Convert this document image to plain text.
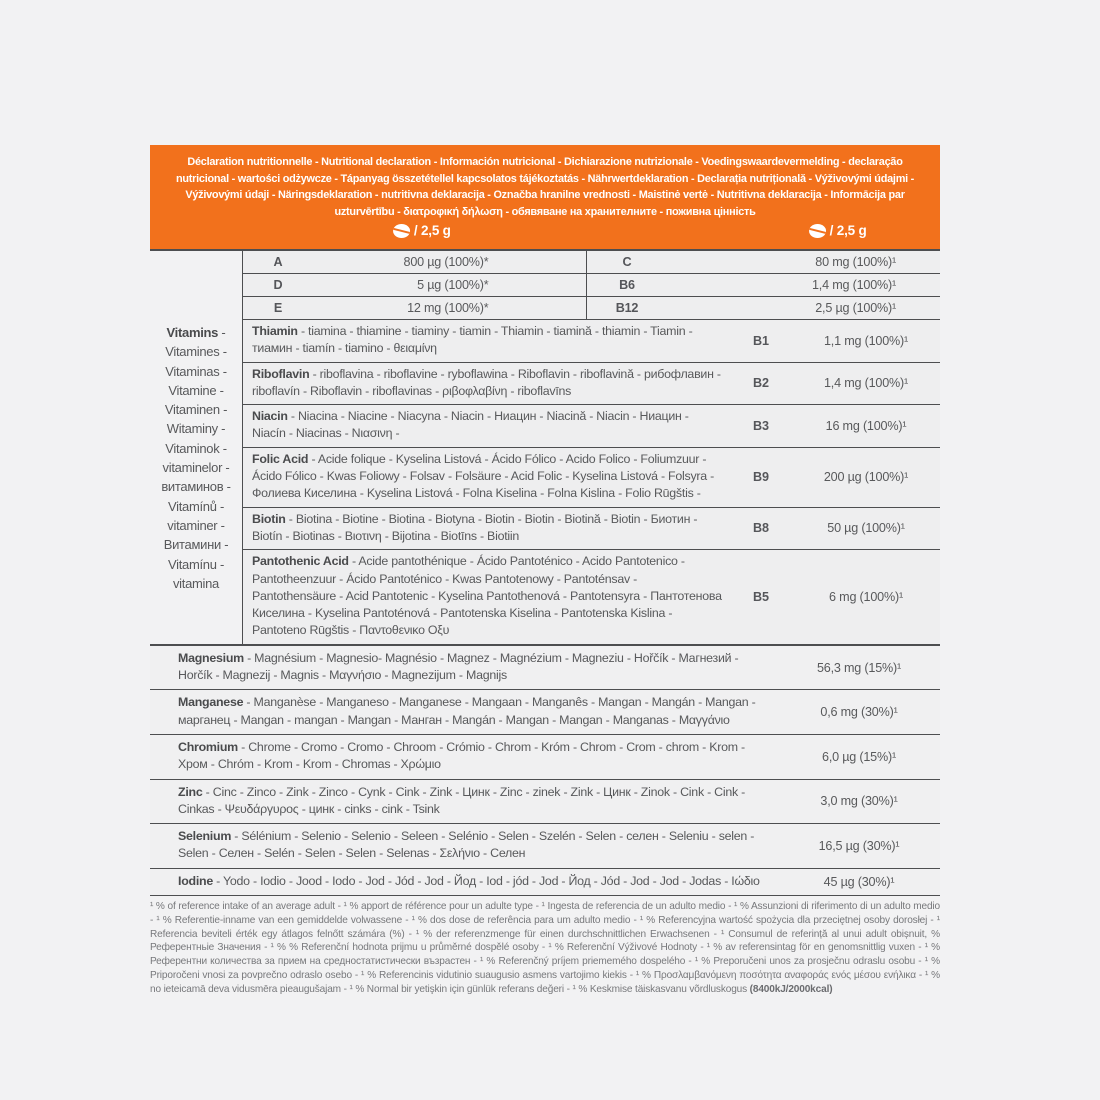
Déclaration nutritionnelle - Nutritional declaration - Información nutricional - Dichiarazione nutrizionale - Voedingswaardevermelding - declaração nutricional - wartości odżywcze - Tápanyag összetétellel kapcsolatos tájékoztatás - Nährwertdeklaration - Declarația nutrițională - Výživovými údajmi - Výživovými údaji - Näringsdeklaration - nutritivna deklaracija - Označba hranilne vrednosti - Maistinė vertė - Nutritivna deklaracija - Informācija par uzturvērtību - διατροφική δήλωση - обявяване на хранителните - поживна цінність
/ 2,5 g	/ 2,5 g
Vitamins - Vitamines - Vitaminas - Vitamine - Vitaminen - Witaminy - Vitaminok - vitaminelor - витаминов - Vitamínů - vitaminer - Витамини - Vitamínu - vitamina
A	800 µg (100%)*	C	80 mg (100%)¹
D	5 µg (100%)*	B6	1,4 mg (100%)¹
E	12 mg (100%)*	B12	2,5 µg (100%)¹
Thiamin - tiamina - thiamine - tiaminy - tiamin - Thiamin - tiamină - thiamin - Tiamin - тиамин - tiamín - tiamino - θειαμίνη
B1	1,1 mg (100%)¹
Riboflavin - riboflavina - riboflavine - ryboflawina - Riboflavin - riboflavină - рибофлавин - riboflavín - Riboflavin - riboflavinas - ριβοφλαβίνη - riboflavīns
B2	1,4 mg (100%)¹
Niacin - Niacina - Niacine - Niacyna - Niacin - Ниацин - Niacină - Niacin - Ниацин - Niacín - Niacinas - Νιασινη -
B3	16 mg (100%)¹
Folic Acid - Acide folique - Kyselina Listová - Ácido Fólico - Acido Folico - Foliumzuur - Ácido Fólico - Kwas Foliowy - Folsav - Folsäure - Acid Folic - Kyselina Listová - Folsyra - Фолиева Киселина - Kyselina Listová - Folna Kiselina - Folna Kislina - Folio Rūgštis -
B9	200 µg (100%)¹
Biotin - Biotina - Biotine - Biotina - Biotyna - Biotin - Biotin - Biotină - Biotin - Биотин - Biotín - Biotinas - Βιοτινη - Bijotina - Biotīns - Biotiin
B8	50 µg (100%)¹
Pantothenic Acid - Acide pantothénique - Ácido Pantoténico - Acido Pantotenico - Pantotheenzuur - Ácido Pantoténico - Kwas Pantotenowy - Pantoténsav - Pantothensäure - Acid Pantotenic - Kyselina Pantothenová - Pantotensyra - Пантотенова Киселина - Kyselina Pantoténová - Pantotenska Kiselina - Pantotenska Kislina - Pantoteno Rūgštis - Παντοθενικο Οξυ
B5	6 mg (100%)¹
Magnesium - Magnésium - Magnesio- Magnésio - Magnez - Magnézium - Magneziu - Hořčík - Магнезий - Horčík - Magnezij - Magnis - Μαγνήσιο - Magnezijum - Magnijs
56,3 mg (15%)¹
Manganese - Manganèse - Manganeso - Manganese - Mangaan - Manganês - Mangan - Mangán - Mangan - марганец - Mangan - mangan - Mangan - Манган - Mangán - Mangan - Mangan - Manganas - Μαγγάνιο
0,6 mg (30%)¹
Chromium - Chrome - Cromo - Cromo - Chroom - Crómio - Chrom - Króm - Chrom - Crom - chrom - Krom - Хром - Chróm - Krom - Krom - Chromas - Χρώμιο
6,0 µg (15%)¹
Zinc - Cinc - Zinco - Zink - Zinco - Cynk - Cink - Zink - Цинк - Zinc - zinek - Zink - Цинк - Zinok - Cink - Cink - Cinkas - Ψευδάργυρος - цинк - cinks - cink - Tsink
3,0 mg (30%)¹
Selenium - Sélénium - Selenio - Selenio - Seleen - Selénio - Selen - Szelén - Selen - селен - Seleniu - selen - Selen - Селен - Selén - Selen - Selen - Selenas - Σελήνιο - Селен
16,5 µg (30%)¹
Iodine - Yodo - Iodio - Jood - Iodo - Jod - Jód - Jod - Йод - Iod - jód - Jod - Йод - Jód - Jod - Jod - Jodas - Ιώδιο	45 µg (30%)¹
¹ % of reference intake of an average adult - ¹ % apport de référence pour un adulte type - ¹ Ingesta de referencia de un adulto medio - ¹ % Assunzioni di riferimento di un adulto medio - ¹ % Referentie-inname van een gemiddelde volwassene - ¹ % dos dose de referência para um adulto medio - ¹ % Referencyjna wartość spożycia dla przeciętnej osoby dorosłej - ¹ Referencia beviteli érték egy átlagos felnőtt számára (%) - ¹ % der referenzmenge für einen durchschnittlichen Erwachsenen - ¹ Consumul de referință al unui adult obișnuit, % Референтньіе Значения - ¹ % % Referenční hodnota prijmu u průměrné dospělé osoby - ¹ % Referenční Výživové Hodnoty - ¹ % av referensintag för en genomsnittlig vuxen - ¹ % Референтни количества за прием на средностатистически възрастен - ¹ % Referenčný príjem priememého dospelého - ¹ % Preporučeni unos za prosječnu odraslu osobu - ¹ % Priporočeni vnosi za povprečno odraslo osebo - ¹ % Referencinis vidutinio suaugusio asmens vartojimo kiekis - ¹ % Προσλαμβανόμενη ποσότητα αναφοράς ενός μέσου ενήλικα - ¹ % no ieteicamā deva vidusmēra pieaugušajam - ¹ % Normal bir yetişkin için günlük referans değeri - ¹ % Keskmise täiskasvanu võrdluskogus (8400kJ/2000kcal)
